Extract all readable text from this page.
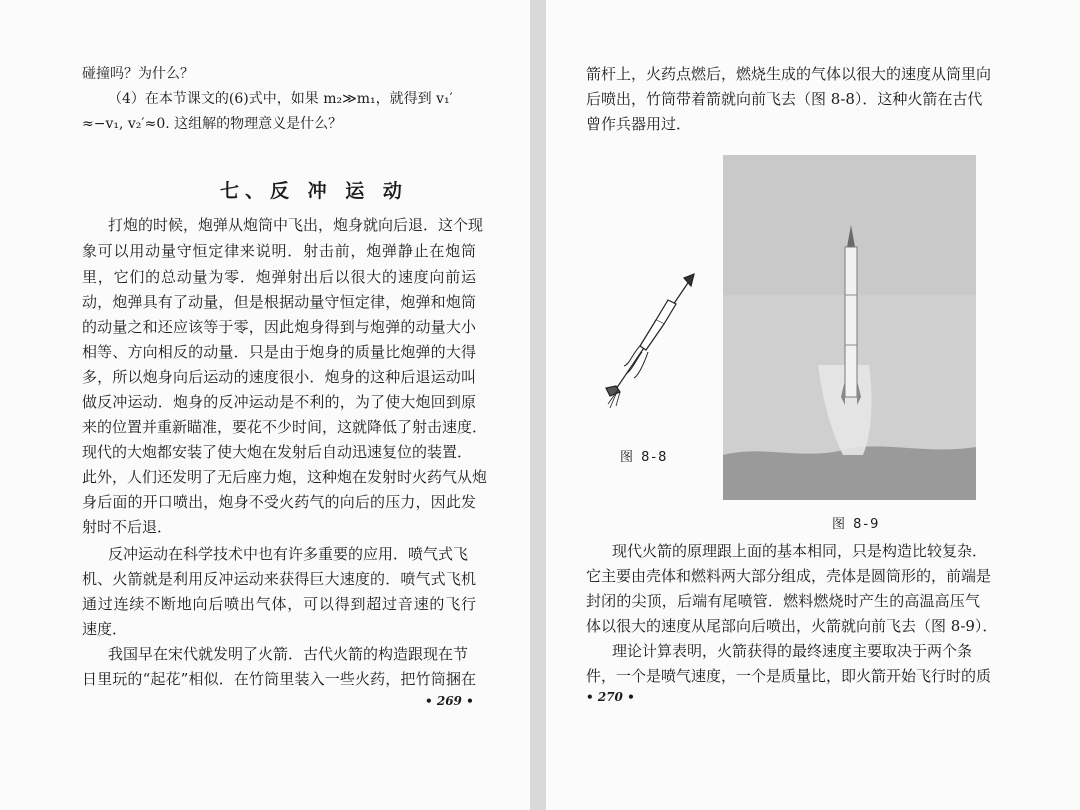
碰撞吗？为什么？
（4）在本节课文的(6)式中，如果 m₂≫m₁，就得到 v₁′
≈−v₁, v₂′≈0. 这组解的物理意义是什么？
七、反 冲 运 动
打炮的时候，炮弹从炮筒中飞出，炮身就向后退．这个现
象可以用动量守恒定律来说明．射击前，炮弹静止在炮筒
里，它们的总动量为零．炮弹射出后以很大的速度向前运
动，炮弹具有了动量，但是根据动量守恒定律，炮弹和炮筒
的动量之和还应该等于零，因此炮身得到与炮弹的动量大小
相等、方向相反的动量．只是由于炮身的质量比炮弹的大得
多，所以炮身向后运动的速度很小．炮身的这种后退运动叫
做反冲运动．炮身的反冲运动是不利的，为了使大炮回到原
来的位置并重新瞄准，要花不少时间，这就降低了射击速度．
现代的大炮都安装了使大炮在发射后自动迅速复位的装置．
此外，人们还发明了无后座力炮，这种炮在发射时火药气从炮
身后面的开口喷出，炮身不受火药气的向后的压力，因此发
射时不后退．
反冲运动在科学技术中也有许多重要的应用．喷气式飞
机、火箭就是利用反冲运动来获得巨大速度的．喷气式飞机
通过连续不断地向后喷出气体，可以得到超过音速的飞行
速度．
我国早在宋代就发明了火箭．古代火箭的构造跟现在节
日里玩的“起花”相似．在竹筒里装入一些火药，把竹筒捆在
• 269 •
箭杆上，火药点燃后，燃烧生成的气体以很大的速度从筒里向
后喷出，竹筒带着箭就向前飞去（图 8-8）．这种火箭在古代
曾作兵器用过．
图 8-8
图 8-9
现代火箭的原理跟上面的基本相同，只是构造比较复杂．
它主要由壳体和燃料两大部分组成，壳体是圆筒形的，前端是
封闭的尖顶，后端有尾喷管．燃料燃烧时产生的高温高压气
体以很大的速度从尾部向后喷出，火箭就向前飞去（图 8-9）．
理论计算表明，火箭获得的最终速度主要取决于两个条
件，一个是喷气速度，一个是质量比，即火箭开始飞行时的质
• 270 •
